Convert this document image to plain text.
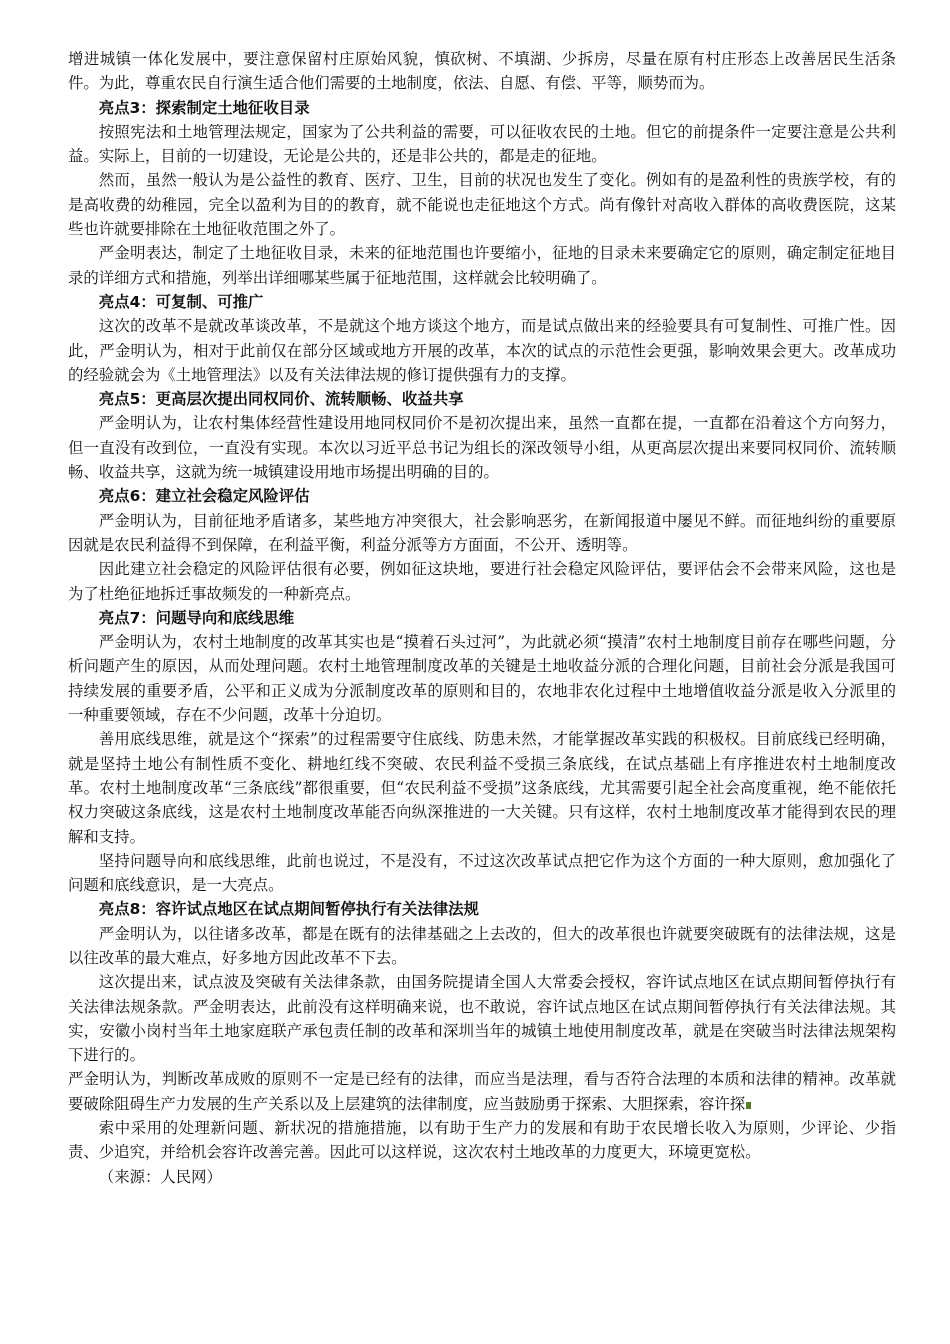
增进城镇一体化发展中，要注意保留村庄原始风貌，慎砍树、不填湖、少拆房，尽量在原有村庄形态上改善居民生活条件。为此，尊重农民自行演生适合他们需要的土地制度，依法、自愿、有偿、平等，顺势而为。

亮点3：探索制定土地征收目录

按照宪法和土地管理法规定，国家为了公共利益的需要，可以征收农民的土地。但它的前提条件一定要注意是公共利益。实际上，目前的一切建设，无论是公共的，还是非公共的，都是走的征地。

然而，虽然一般认为是公益性的教育、医疗、卫生，目前的状况也发生了变化。例如有的是盈利性的贵族学校，有的是高收费的幼稚园，完全以盈利为目的的教育，就不能说也走征地这个方式。尚有像针对高收入群体的高收费医院，这某些也许就要排除在土地征收范围之外了。

严金明表达，制定了土地征收目录，未来的征地范围也许要缩小，征地的目录未来要确定它的原则，确定制定征地目录的详细方式和措施，列举出详细哪某些属于征地范围，这样就会比较明确了。

亮点4：可复制、可推广

这次的改革不是就改革谈改革，不是就这个地方谈这个地方，而是试点做出来的经验要具有可复制性、可推广性。因此，严金明认为，相对于此前仅在部分区域或地方开展的改革，本次的试点的示范性会更强，影响效果会更大。改革成功的经验就会为《土地管理法》以及有关法律法规的修订提供强有力的支撑。

亮点5：更高层次提出同权同价、流转顺畅、收益共享

严金明认为，让农村集体经营性建设用地同权同价不是初次提出来，虽然一直都在提，一直都在沿着这个方向努力，但一直没有改到位，一直没有实现。本次以习近平总书记为组长的深改领导小组，从更高层次提出来要同权同价、流转顺畅、收益共享，这就为统一城镇建设用地市场提出明确的目的。

亮点6：建立社会稳定风险评估

严金明认为，目前征地矛盾诸多，某些地方冲突很大，社会影响恶劣，在新闻报道中屡见不鲜。而征地纠纷的重要原因就是农民利益得不到保障，在利益平衡，利益分派等方方面面，不公开、透明等。

因此建立社会稳定的风险评估很有必要，例如征这块地，要进行社会稳定风险评估，要评估会不会带来风险，这也是为了杜绝征地拆迁事故频发的一种新亮点。

亮点7：问题导向和底线思维

严金明认为，农村土地制度的改革其实也是“摸着石头过河”，为此就必须“摸清”农村土地制度目前存在哪些问题，分析问题产生的原因，从而处理问题。农村土地管理制度改革的关键是土地收益分派的合理化问题，目前社会分派是我国可持续发展的重要矛盾，公平和正义成为分派制度改革的原则和目的，农地非农化过程中土地增值收益分派是收入分派里的一种重要领域，存在不少问题，改革十分迫切。

善用底线思维，就是这个“探索”的过程需要守住底线、防患未然，才能掌握改革实践的积极权。目前底线已经明确，就是坚持土地公有制性质不变化、耕地红线不突破、农民利益不受损三条底线，在试点基础上有序推进农村土地制度改革。农村土地制度改革“三条底线”都很重要，但“农民利益不受损”这条底线，尤其需要引起全社会高度重视，绝不能依托权力突破这条底线，这是农村土地制度改革能否向纵深推进的一大关键。只有这样，农村土地制度改革才能得到农民的理解和支持。

坚持问题导向和底线思维，此前也说过，不是没有，不过这次改革试点把它作为这个方面的一种大原则，愈加强化了问题和底线意识，是一大亮点。

亮点8：容许试点地区在试点期间暂停执行有关法律法规

严金明认为，以往诸多改革，都是在既有的法律基础之上去改的，但大的改革很也许就要突破既有的法律法规，这是以往改革的最大难点，好多地方因此改革不下去。

这次提出来，试点波及突破有关法律条款，由国务院提请全国人大常委会授权，容许试点地区在试点期间暂停执行有关法律法规条款。严金明表达，此前没有这样明确来说，也不敢说，容许试点地区在试点期间暂停执行有关法律法规。其实，安徽小岗村当年土地家庭联产承包责任制的改革和深圳当年的城镇土地使用制度改革，就是在突破当时法律法规架构下进行的。

严金明认为，判断改革成败的原则不一定是已经有的法律，而应当是法理，看与否符合法理的本质和法律的精神。改革就要破除阻碍生产力发展的生产关系以及上层建筑的法律制度，应当鼓励勇于探索、大胆探索，容许探

索中采用的处理新问题、新状况的措施措施，以有助于生产力的发展和有助于农民增长收入为原则，少评论、少指责、少追究，并给机会容许改善完善。因此可以这样说，这次农村土地改革的力度更大，环境更宽松。

（来源：人民网）
